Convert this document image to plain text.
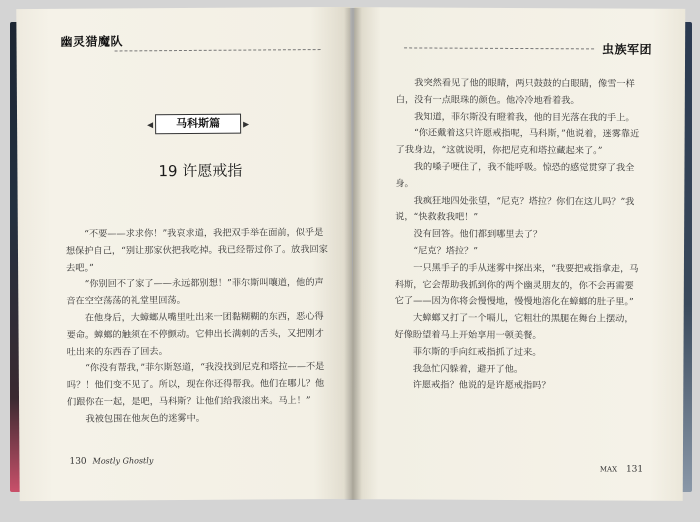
幽灵猎魔队
马科斯篇
19 许愿戒指

“不要——求求你！”我哀求道，我把双手举在面前，似乎是想保护自己，“别让那家伙把我吃掉。我已经帮过你了。放我回家去吧。”

“你别回不了家了——永远都别想！”菲尔斯叫嚷道，他的声音在空空荡荡的礼堂里回荡。

在他身后，大蟑螂从嘴里吐出来一团黏糊糊的东西，恶心得要命。蟑螂的触须在不停颤动。它伸出长满刺的舌头，又把刚才吐出来的东西吞了回去。

“你没有帮我，”菲尔斯怒道，“我没找到尼克和塔拉——不是吗？！他们变不见了。所以，现在你还得帮我。他们在哪儿？他们跟你在一起，是吧，马科斯？让他们给我滚出来。马上！”

我被包围在他灰色的迷雾中。

130 Mostly Ghostly
虫族军团

我突然看见了他的眼睛，两只鼓鼓的白眼睛，像雪一样白，没有一点眼珠的颜色。他冷冷地看着我。

我知道，菲尔斯没有瞪着我，他的目光落在我的手上。

“你还戴着这只许愿戒指呢，马科斯，”他说着，迷雾靠近了我身边，“这就说明，你把尼克和塔拉藏起来了。”

我的嗓子哽住了，我不能呼吸。惊恐的感觉贯穿了我全身。

我疯狂地四处张望，“尼克？塔拉？你们在这儿吗？”我说，“快救救我吧！”

没有回答。他们都到哪里去了？

“尼克？塔拉？”

一只黑手子的手从迷雾中探出来，“我要把戒指拿走，马科斯，它会帮助我抓到你的两个幽灵朋友的，你不会再需要它了——因为你将会慢慢地，慢慢地溶化在蟑螂的肚子里。”

大蟑螂又打了一个嗝儿，它粗壮的黑腿在舞台上摆动，好像盼望着马上开始享用一顿美餐。

菲尔斯的手向红戒指抓了过来。

我急忙闪躲着，避开了他。

许愿戒指？他说的是许愿戒指吗？

MAX 131
